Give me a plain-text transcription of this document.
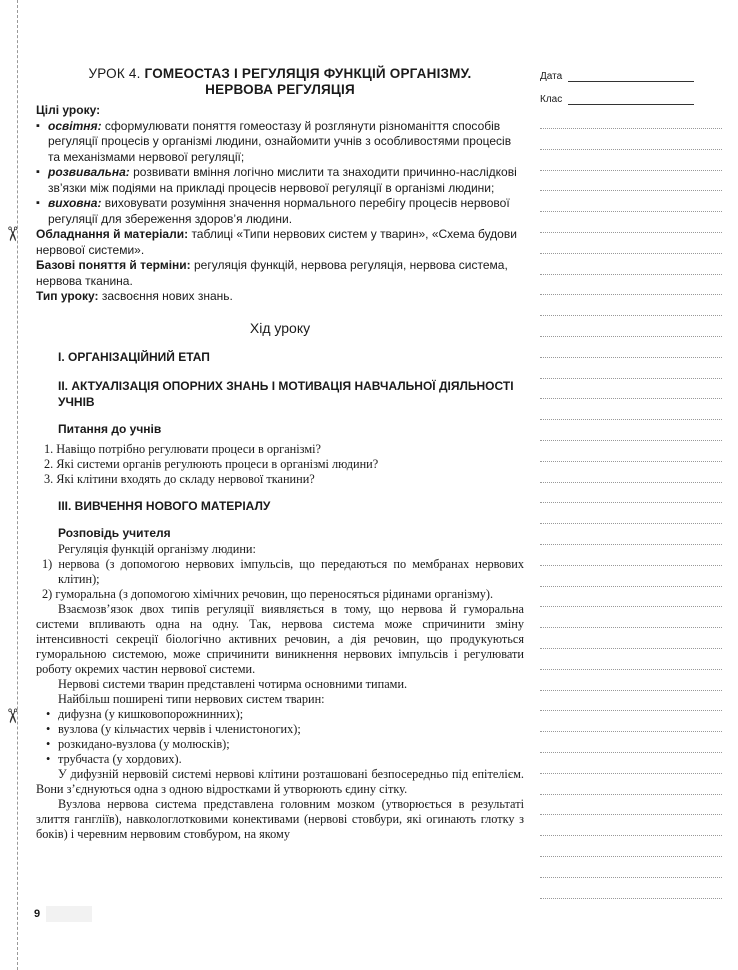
✂
✂
УРОК 4. ГОМЕОСТАЗ І РЕГУЛЯЦІЯ ФУНКЦІЙ ОРГАНІЗМУ.
НЕРВОВА РЕГУЛЯЦІЯ
Цілі уроку:
▪ освітня: сформулювати поняття гомеостазу й розглянути різноманіття способів регуляції процесів у організмі людини, ознайомити учнів з особливостями процесів та механізмами нервової регуляції;
▪ розвивальна: розвивати вміння логічно мислити та знаходити причинно-наслідкові зв’язки між подіями на прикладі процесів нервової регуляції в організмі людини;
▪ виховна: виховувати розуміння значення нормального перебігу процесів нервової регуляції для збереження здоров’я людини.
Обладнання й матеріали: таблиці «Типи нервових систем у тварин», «Схема будови нервової системи».
Базові поняття й терміни: регуляція функцій, нервова регуляція, нервова система, нервова тканина.
Тип уроку: засвоєння нових знань.
Хід уроку
I. ОРГАНІЗАЦІЙНИЙ ЕТАП
II. АКТУАЛІЗАЦІЯ ОПОРНИХ ЗНАНЬ І МОТИВАЦІЯ НАВЧАЛЬНОЇ ДІЯЛЬНОСТІ УЧНІВ
Питання до учнів
1. Навіщо потрібно регулювати процеси в організмі?
2. Які системи органів регулюють процеси в організмі людини?
3. Які клітини входять до складу нервової тканини?
III. ВИВЧЕННЯ НОВОГО МАТЕРІАЛУ
Розповідь учителя

Регуляція функцій організму людини:

1) нервова (з допомогою нервових імпульсів, що передаються по мембранах нервових клітин);
2) гуморальна (з допомогою хімічних речовин, що переносяться рідинами організму).

Взаємозв’язок двох типів регуляції виявляється в тому, що нервова й гуморальна системи впливають одна на одну. Так, нервова система може спричинити зміну інтенсивності секреції біологічно активних речовин, а дія речовин, що продукуються гуморальною системою, може спричинити виникнення нервових імпульсів і регулювати роботу окремих частин нервової системи.

Нервові системи тварин представлені чотирма основними типами.

Найбільш поширені типи нервових систем тварин:

• дифузна (у кишковопорожнинних);
• вузлова (у кільчастих червів і членистоногих);
• розкидано-вузлова (у молюсків);
• трубчаста (у хордових).

У дифузній нервовій системі нервові клітини розташовані безпосередньо під епітелієм. Вони з’єднуються одна з одною відростками й утворюють єдину сітку.

Вузлова нервова система представлена головним мозком (утворюється в результаті злиття гангліїв), навкологлотковими конективами (нервові стовбури, які огинають глотку з боків) і черевним нервовим стовбуром, на якому

Дата
Клас
9
